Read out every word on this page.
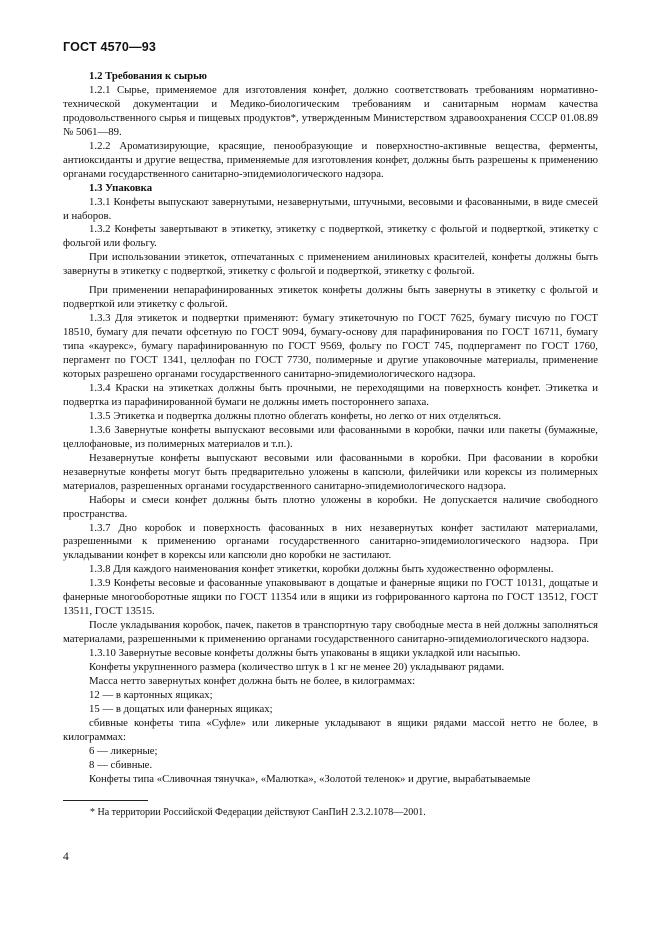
ГОСТ 4570—93

1.2 Требования к сырью

1.2.1 Сырье, применяемое для изготовления конфет, должно соответствовать требованиям нормативно-технической документации и Медико-биологическим требованиям и санитарным нормам качества продовольственного сырья и пищевых продуктов*, утвержденным Министерством здравоохранения СССР 01.08.89 № 5061—89.

1.2.2 Ароматизирующие, красящие, пенообразующие и поверхностно-активные вещества, ферменты, антиоксиданты и другие вещества, применяемые для изготовления конфет, должны быть разрешены к применению органами государственного санитарно-эпидемиологического надзора.

1.3 Упаковка

1.3.1 Конфеты выпускают завернутыми, незавернутыми, штучными, весовыми и фасованными, в виде смесей и наборов.

1.3.2 Конфеты завертывают в этикетку, этикетку с подверткой, этикетку с фольгой и подверткой, этикетку с фольгой или фольгу.

При использовании этикеток, отпечатанных с применением анилиновых красителей, конфеты должны быть завернуты в этикетку с подверткой, этикетку с фольгой и подверткой, этикетку с фольгой.

При применении непарафинированных этикеток конфеты должны быть завернуты в этикетку с фольгой и подверткой или этикетку с фольгой.

1.3.3 Для этикеток и подвертки применяют: бумагу этикеточную по ГОСТ 7625, бумагу писчую по ГОСТ 18510, бумагу для печати офсетную по ГОСТ 9094, бумагу-основу для парафинирования по ГОСТ 16711, бумагу типа «каурекс», бумагу парафинированную по ГОСТ 9569, фольгу по ГОСТ 745, подпергамент по ГОСТ 1760, пергамент по ГОСТ 1341, целлофан по ГОСТ 7730, полимерные и другие упаковочные материалы, применение которых разрешено органами государственного санитарно-эпидемиологического надзора.

1.3.4 Краски на этикетках должны быть прочными, не переходящими на поверхность конфет. Этикетка и подвертка из парафинированной бумаги не должны иметь постороннего запаха.

1.3.5 Этикетка и подвертка должны плотно облегать конфеты, но легко от них отделяться.

1.3.6 Завернутые конфеты выпускают весовыми или фасованными в коробки, пачки или пакеты (бумажные, целлофановые, из полимерных материалов и т.п.).

Незавернутые конфеты выпускают весовыми или фасованными в коробки. При фасовании в коробки незавернутые конфеты могут быть предварительно уложены в капсюли, филейчики или корексы из полимерных материалов, разрешенных органами государственного санитарно-эпидемиологического надзора.

Наборы и смеси конфет должны быть плотно уложены в коробки. Не допускается наличие свободного пространства.

1.3.7 Дно коробок и поверхность фасованных в них незавернутых конфет застилают материалами, разрешенными к применению органами государственного санитарно-эпидемиологического надзора. При укладывании конфет в корексы или капсюли дно коробки не застилают.

1.3.8 Для каждого наименования конфет этикетки, коробки должны быть художественно оформлены.

1.3.9 Конфеты весовые и фасованные упаковывают в дощатые и фанерные ящики по ГОСТ 10131, дощатые и фанерные многооборотные ящики по ГОСТ 11354 или в ящики из гофрированного картона по ГОСТ 13512, ГОСТ 13511, ГОСТ 13515.

После укладывания коробок, пачек, пакетов в транспортную тару свободные места в ней должны заполняться материалами, разрешенными к применению органами государственного санитарно-эпидемиологического надзора.

1.3.10 Завернутые весовые конфеты должны быть упакованы в ящики укладкой или насыпью.

Конфеты укрупненного размера (количество штук в 1 кг не менее 20) укладывают рядами.

Масса нетто завернутых конфет должна быть не более, в килограммах:

12 — в картонных ящиках;

15 — в дощатых или фанерных ящиках;

сбивные конфеты типа «Суфле» или ликерные укладывают в ящики рядами массой нетто не более, в килограммах:

6 — ликерные;

8 — сбивные.

Конфеты типа «Сливочная тянучка», «Малютка», «Золотой теленок» и другие, вырабатываемые

* На территории Российской Федерации действуют СанПиН 2.3.2.1078—2001.
4
